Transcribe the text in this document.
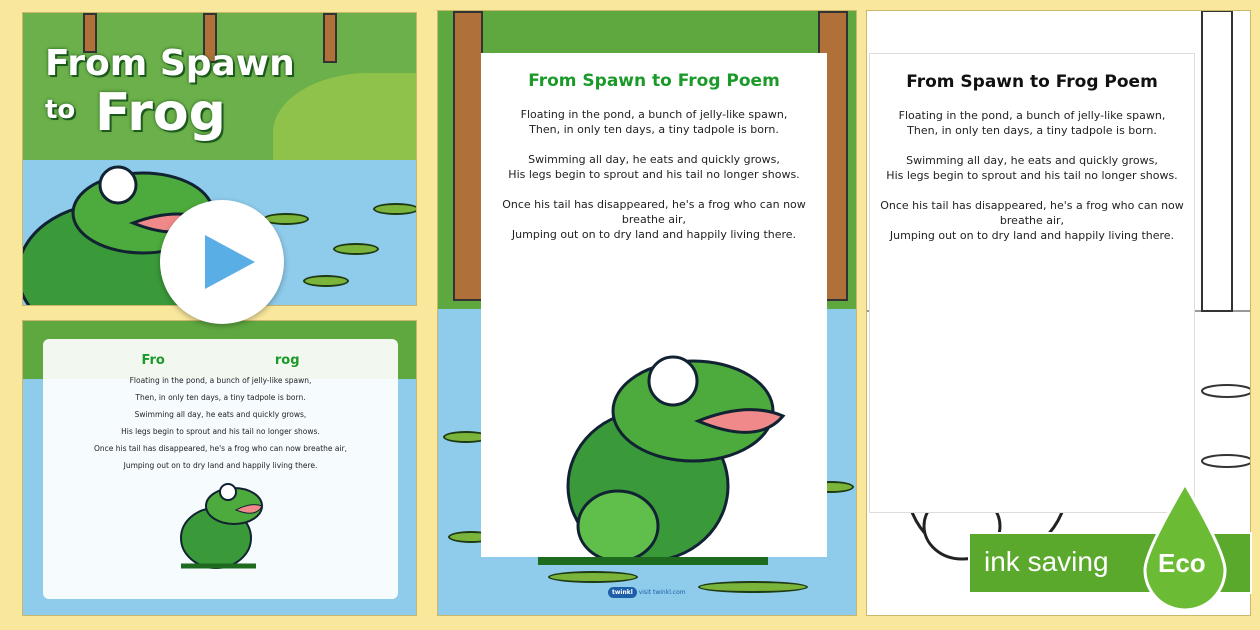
From Spawn
to Frog
Fro	rog
Floating in the pond, a bunch of jelly-like spawn,
Then, in only ten days, a tiny tadpole is born.
Swimming all day, he eats and quickly grows,
His legs begin to sprout and his tail no longer shows.
Once his tail has disappeared, he's a frog who can now breathe air,
Jumping out on to dry land and happily living there.
From Spawn to Frog Poem
Floating in the pond, a bunch of jelly-like spawn,
Then, in only ten days, a tiny tadpole is born.

Swimming all day, he eats and quickly grows,
His legs begin to sprout and his tail no longer shows.

Once his tail has disappeared, he's a frog who can now breathe air,
Jumping out on to dry land and happily living there.
twinkl visit twinkl.com
From Spawn to Frog Poem
Floating in the pond, a bunch of jelly-like spawn,
Then, in only ten days, a tiny tadpole is born.

Swimming all day, he eats and quickly grows,
His legs begin to sprout and his tail no longer shows.

Once his tail has disappeared, he's a frog who can now breathe air,
Jumping out on to dry land and happily living there.
ink saving Eco
